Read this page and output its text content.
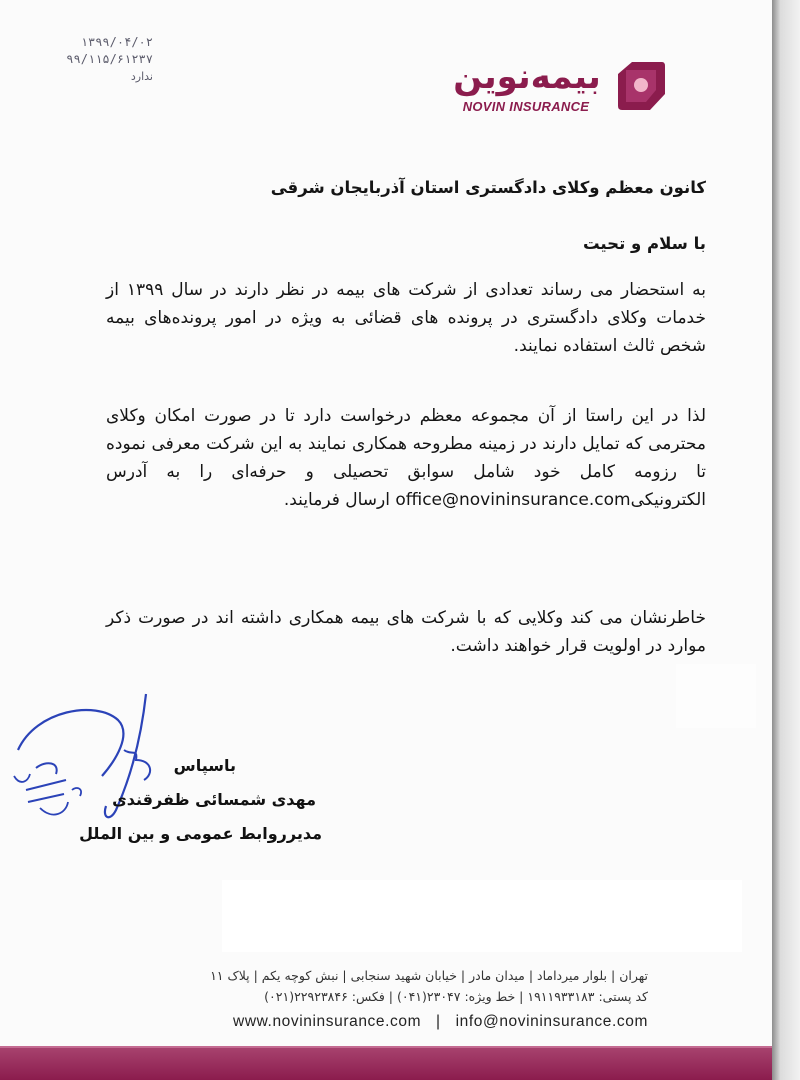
۱۳۹۹/۰۴/۰۲
۹۹/۱۱۵/۶۱۲۳۷
ندارد	بیمه‌نوین
NOVIN INSURANCE
کانون معظم وکلای دادگستری استان آذربایجان شرقی
با سلام و تحیت
به استحضار می رساند تعدادی از شرکت های بیمه در نظر دارند در سال ۱۳۹۹ از خدمات وکلای دادگستری در پرونده های قضائی به ویژه در امور پرونده‌های بیمه شخص ثالث استفاده نمایند.
لذا در این راستا از آن مجموعه معظم درخواست دارد تا در صورت امکان وکلای محترمی که تمایل دارند در زمینه مطروحه همکاری نمایند به این شرکت معرفی نموده تا رزومه کامل خود شامل سوابق تحصیلی و حرفه‌ای را به آدرس الکترونیکیoffice@novininsurance.com ارسال فرمایند.
خاطرنشان می کند وکلایی که با شرکت های بیمه همکاری داشته اند در صورت ذکر موارد در اولویت قرار خواهند داشت.
باسپاس
مهدی شمسائی ظفرقندی
مدیرروابط عمومی و بین الملل
تهران | بلوار میرداماد | میدان مادر | خیابان شهید سنجابی | نبش کوچه یکم | پلاک ۱۱
کد پستی: ۱۹۱۱۹۳۳۱۸۳ | خط ویژه: ۲۳۰۴۷(۰۴۱) | فکس: ۲۲۹۲۳۸۴۶(۰۲۱)
www.novininsurance.com | info@novininsurance.com
